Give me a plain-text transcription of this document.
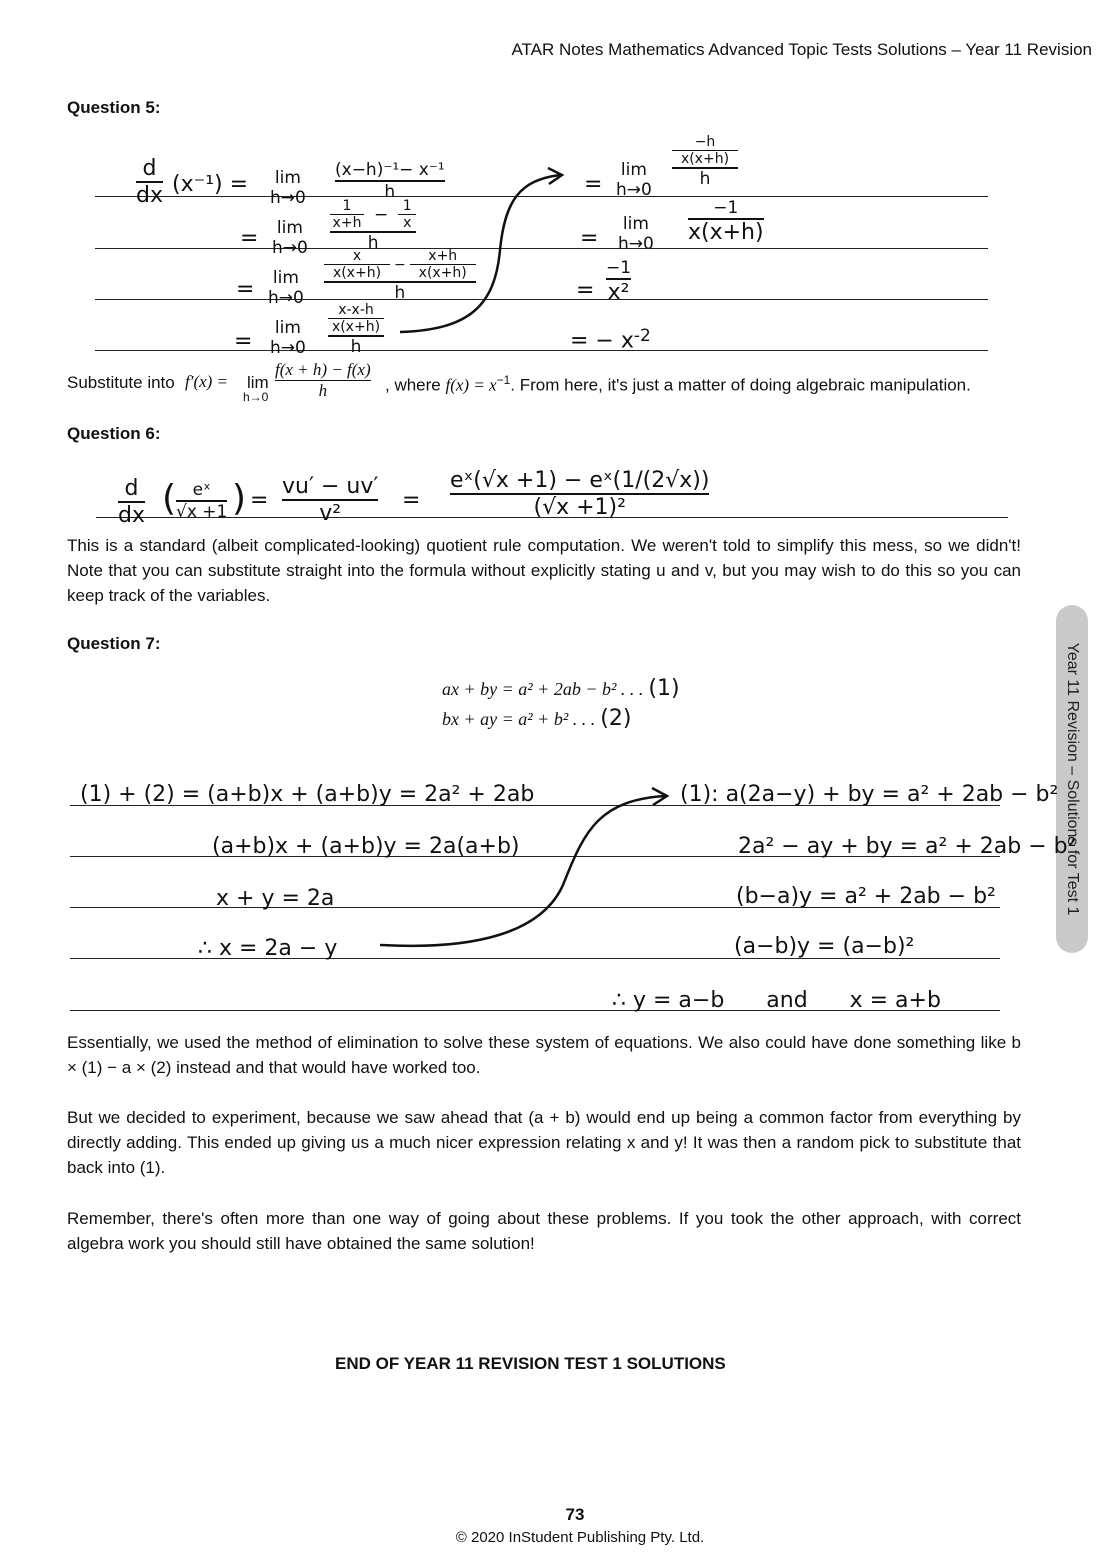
ATAR Notes Mathematics Advanced Topic Tests Solutions – Year 11 Revision
Year 11 Revision – Solutions for Test 1
Question 5:
d
dx (x⁻¹) = lim
h→0
(x−h)⁻¹− x⁻¹
h
= lim
h→0
1
x+h − 1
x
h
= lim
h→0
x
x(x+h)
−
x+h
x(x+h)
h
=
lim
h→0
x-x-h
x(x+h)
h
=
lim
h→0
−h
x(x+h)
h
=
lim
h→0
−1
x(x+h)
=
−1
x²
= − $x^{-2}$
Substitute into f′(x) = lim
h→0
f(x + h) − f(x)
h	, where $f(x) = x^{-1}$. From here, it's just a matter of doing algebraic manipulation.
Question 6:
d
dx ( eˣ
√x +1 ) =
vu′ − uv′
v²	=
eˣ(√x +1) − eˣ(1/(2√x))
(√x +1)²
This is a standard (albeit complicated-looking) quotient rule computation. We weren't told to simplify this mess, so we didn't! Note that you can substitute straight into the formula without explicitly stating u and v, but you may wish to do this so you can keep track of the variables.
Question 7:
ax + by = a² + 2ab − b² . . . (1)
bx + ay = a² + b² . . . (2)
(1) + (2) = (a+b)x + (a+b)y = 2a² + 2ab
(a+b)x + (a+b)y = 2a(a+b)
x + y = 2a
∴ x = 2a − y
(1): a(2a−y) + by = a² + 2ab − b²
2a² − ay + by = a² + 2ab − b²
(b−a)y = a² + 2ab − b²
(a−b)y = (a−b)²
∴ y = a−b      and      x = a+b
Essentially, we used the method of elimination to solve these system of equations. We also could have done something like b × (1) − a × (2) instead and that would have worked too.
But we decided to experiment, because we saw ahead that (a + b) would end up being a common factor from everything by directly adding. This ended up giving us a much nicer expression relating x and y! It was then a random pick to substitute that back into (1).
Remember, there's often more than one way of going about these problems. If you took the other approach, with correct algebra work you should still have obtained the same solution!
END OF YEAR 11 REVISION TEST 1 SOLUTIONS
73
© 2020 InStudent Publishing Pty. Ltd.
